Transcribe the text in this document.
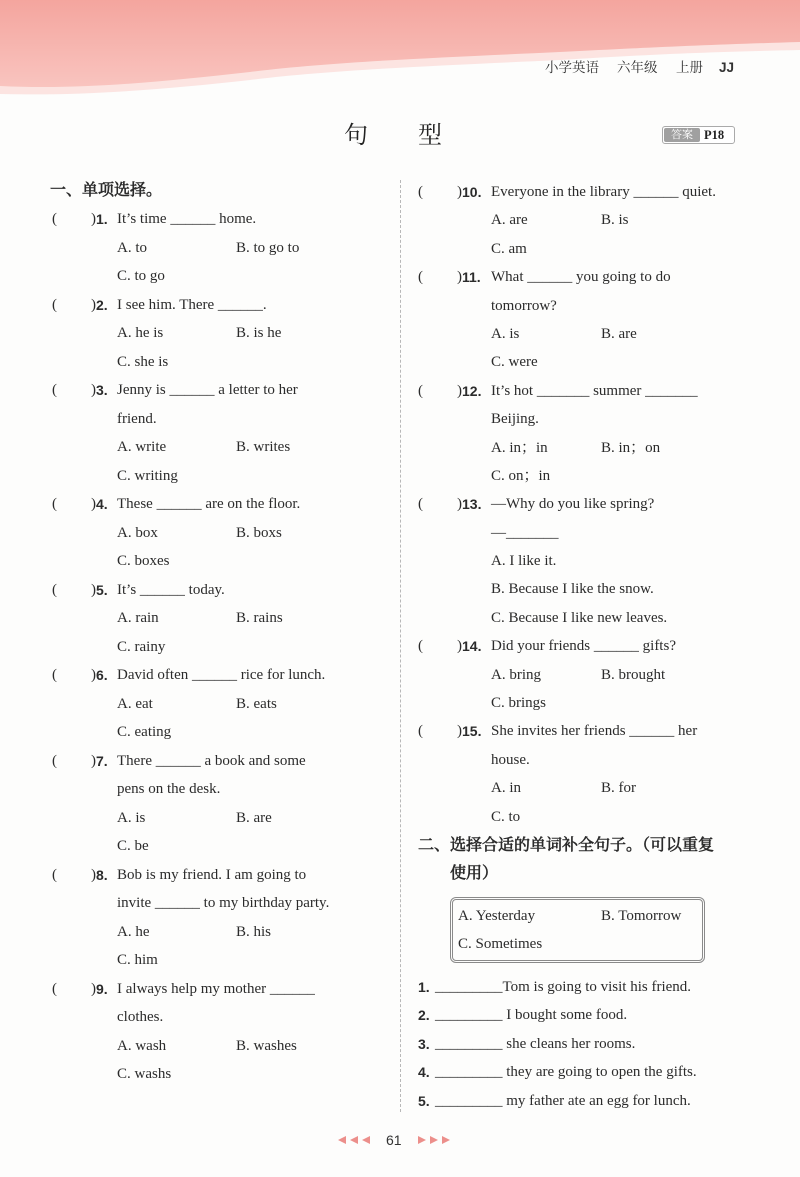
小学英语 六年级 上册 JJ
句 型	答案 P18
一、单项选择。
( ) 1. It’s time ______ home.
A. to	B. to go to
C. to go
( ) 2. I see him. There ______.
A. he is	B. is he
C. she is
( ) 3. Jenny is ______ a letter to her
friend.
A. write	B. writes
C. writing
( ) 4. These ______ are on the floor.
A. box	B. boxs
C. boxes
( ) 5. It’s ______ today.
A. rain	B. rains
C. rainy
( ) 6. David often ______ rice for lunch.
A. eat	B. eats
C. eating
( ) 7. There ______ a book and some
pens on the desk.
A. is	B. are
C. be
( ) 8. Bob is my friend. I am going to
invite ______ to my birthday party.
A. he	B. his
C. him
( ) 9. I always help my mother ______
clothes.
A. wash	B. washes
C. washs
( ) 10. Everyone in the library ______ quiet.
A. are	B. is
C. am
( ) 11. What ______ you going to do
tomorrow?
A. is	B. are
C. were
( ) 12. It’s hot _______ summer _______
Beijing.
A. in；in	B. in；on
C. on；in
( ) 13. —Why do you like spring?
—_______
A. I like it.
B. Because I like the snow.
C. Because I like new leaves.
( ) 14. Did your friends ______ gifts?
A. bring	B. brought
C. brings
( ) 15. She invites her friends ______ her
house.
A. in	B. for
C. to
二、选择合适的单词补全句子。（可以重复
使用）
A. Yesterday	B. Tomorrow
C. Sometimes
1. _________Tom is going to visit his friend.
2. _________ I bought some food.
3. _________ she cleans her rooms.
4. _________ they are going to open the gifts.
5. _________ my father ate an egg for lunch.
61
